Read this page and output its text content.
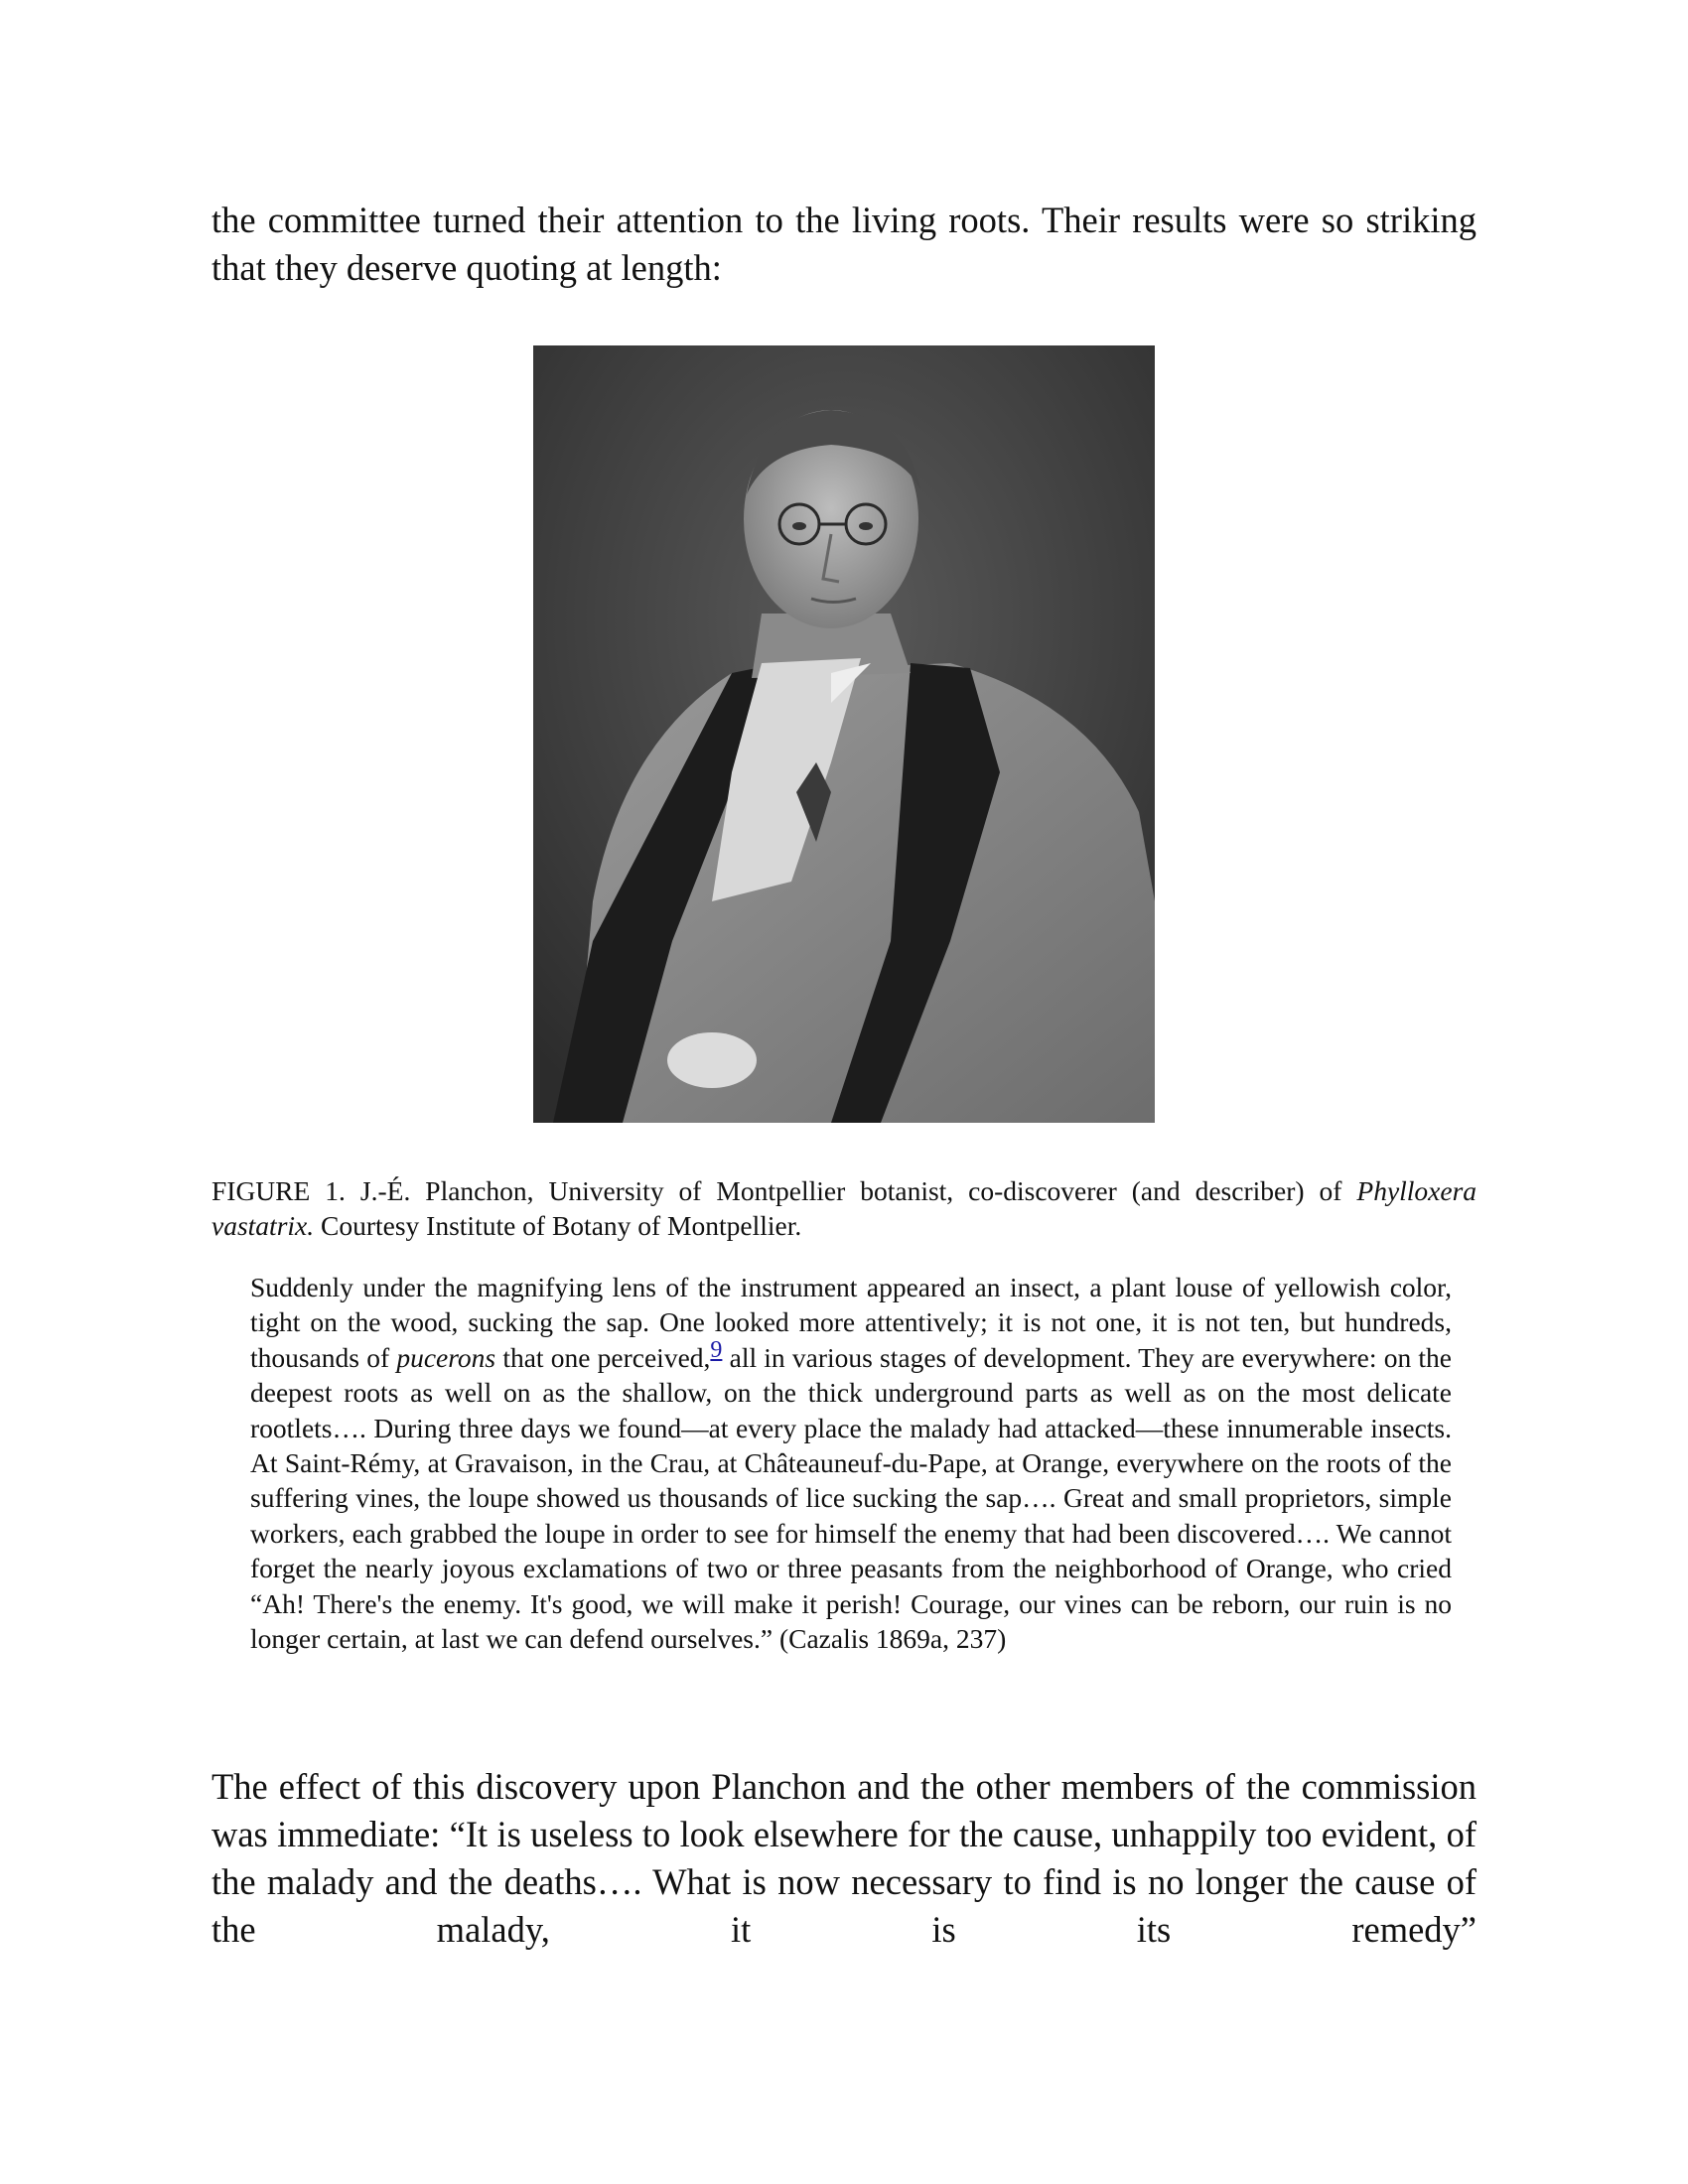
the committee turned their attention to the living roots. Their results were so striking that they deserve quoting at length:

FIGURE 1. J.-É. Planchon, University of Montpellier botanist, co-discoverer (and describer) of Phylloxera vastatrix. Courtesy Institute of Botany of Montpellier.

Suddenly under the magnifying lens of the instrument appeared an insect, a plant louse of yellowish color, tight on the wood, sucking the sap. One looked more attentively; it is not one, it is not ten, but hundreds, thousands of pucerons that one perceived,9 all in various stages of development. They are everywhere: on the deepest roots as well on as the shallow, on the thick underground parts as well as on the most delicate rootlets…. During three days we found—at every place the malady had attacked—these innumerable insects. At Saint-Rémy, at Gravaison, in the Crau, at Châteauneuf-du-Pape, at Orange, everywhere on the roots of the suffering vines, the loupe showed us thousands of lice sucking the sap…. Great and small proprietors, simple workers, each grabbed the loupe in order to see for himself the enemy that had been discovered…. We cannot forget the nearly joyous exclamations of two or three peasants from the neighborhood of Orange, who cried “Ah! There's the enemy. It's good, we will make it perish! Courage, our vines can be reborn, our ruin is no longer certain, at last we can defend ourselves.” (Cazalis 1869a, 237)

The effect of this discovery upon Planchon and the other members of the commission was immediate: “It is useless to look elsewhere for the cause, unhappily too evident, of the malady and the deaths…. What is now necessary to find is no longer the cause of the malady, it is its remedy”
